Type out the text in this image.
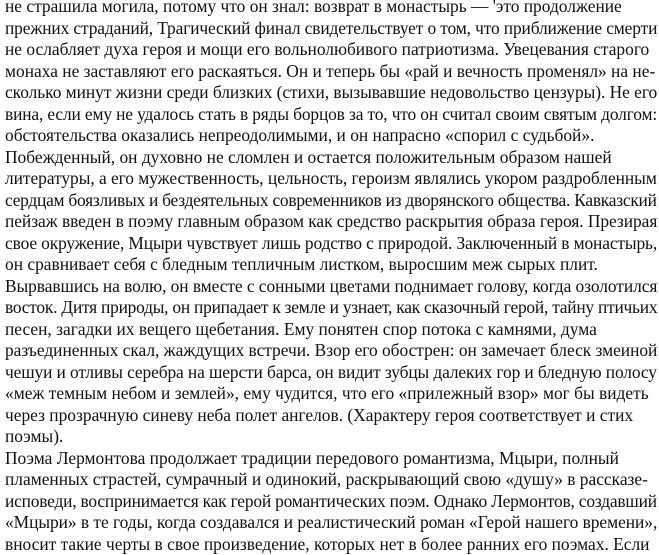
не страшила могила, потому что он знал: возврат в монастырь — 'это продолжение
прежних страданий, Трагический финал свидетельствует о том, что приближение смерти
не ослабляет духа героя и мощи его вольнолюбивого патриотизма. Увецевания старого
монаха не заставляют его раскаяться. Он и теперь бы «рай и вечность променял» на не-
сколько минут жизни среди близких (стихи, вызывавшие недовольство цензуры). Не его
вина, если ему не удалось стать в ряды борцов за то, что он считал своим святым долгом:
обстоятельства оказались непреодолимыми, и он напрасно «спорил с судьбой».
Побежденный, он духовно не сломлен и остается положительным образом нашей
литературы, а его мужественность, цельность, героизм являлись укором раздробленным
сердцам боязливых и бездеятельных современников из дворянского общества. Кавказский
пейзаж введен в поэму главным образом как средство раскрытия образа героя. Презирая
свое окружение, Мцыри чувствует лишь родство с природой. Заключенный в монастырь,
он сравнивает себя с бледным тепличным листком, выросшим меж сырых плит.
Вырвавшись на волю, он вместе с сонными цветами поднимает голову, когда озолотился
восток. Дитя природы, он припадает к земле и узнает, как сказочный герой, тайну птичьих
песен, загадки их вещего щебетания. Ему понятен спор потока с камнями, дума
разъединенных скал, жаждущих встречи. Взор его обострен: он замечает блеск змеиной
чешуи и отливы серебра на шерсти барса, он видит зубцы далеких гор и бледную полосу
«меж темным небом и землей», ему чудится, что его «прилежный взор» мог бы видеть
через прозрачную синеву неба полет ангелов. (Характеру героя соответствует и стих
поэмы).
Поэма Лермонтова продолжает традиции передового романтизма, Мцыри, полный
пламенных страстей, сумрачный и одинокий, раскрывающий свою «душу» в рассказе-
исповеди, воспринимается как герой романтических поэм. Однако Лермонтов, создавший
«Мцыри» в те годы, когда создавался и реалистический роман «Герой нашего времени»,
вносит такие черты в свое произведение, которых нет в более ранних его поэмах. Если
